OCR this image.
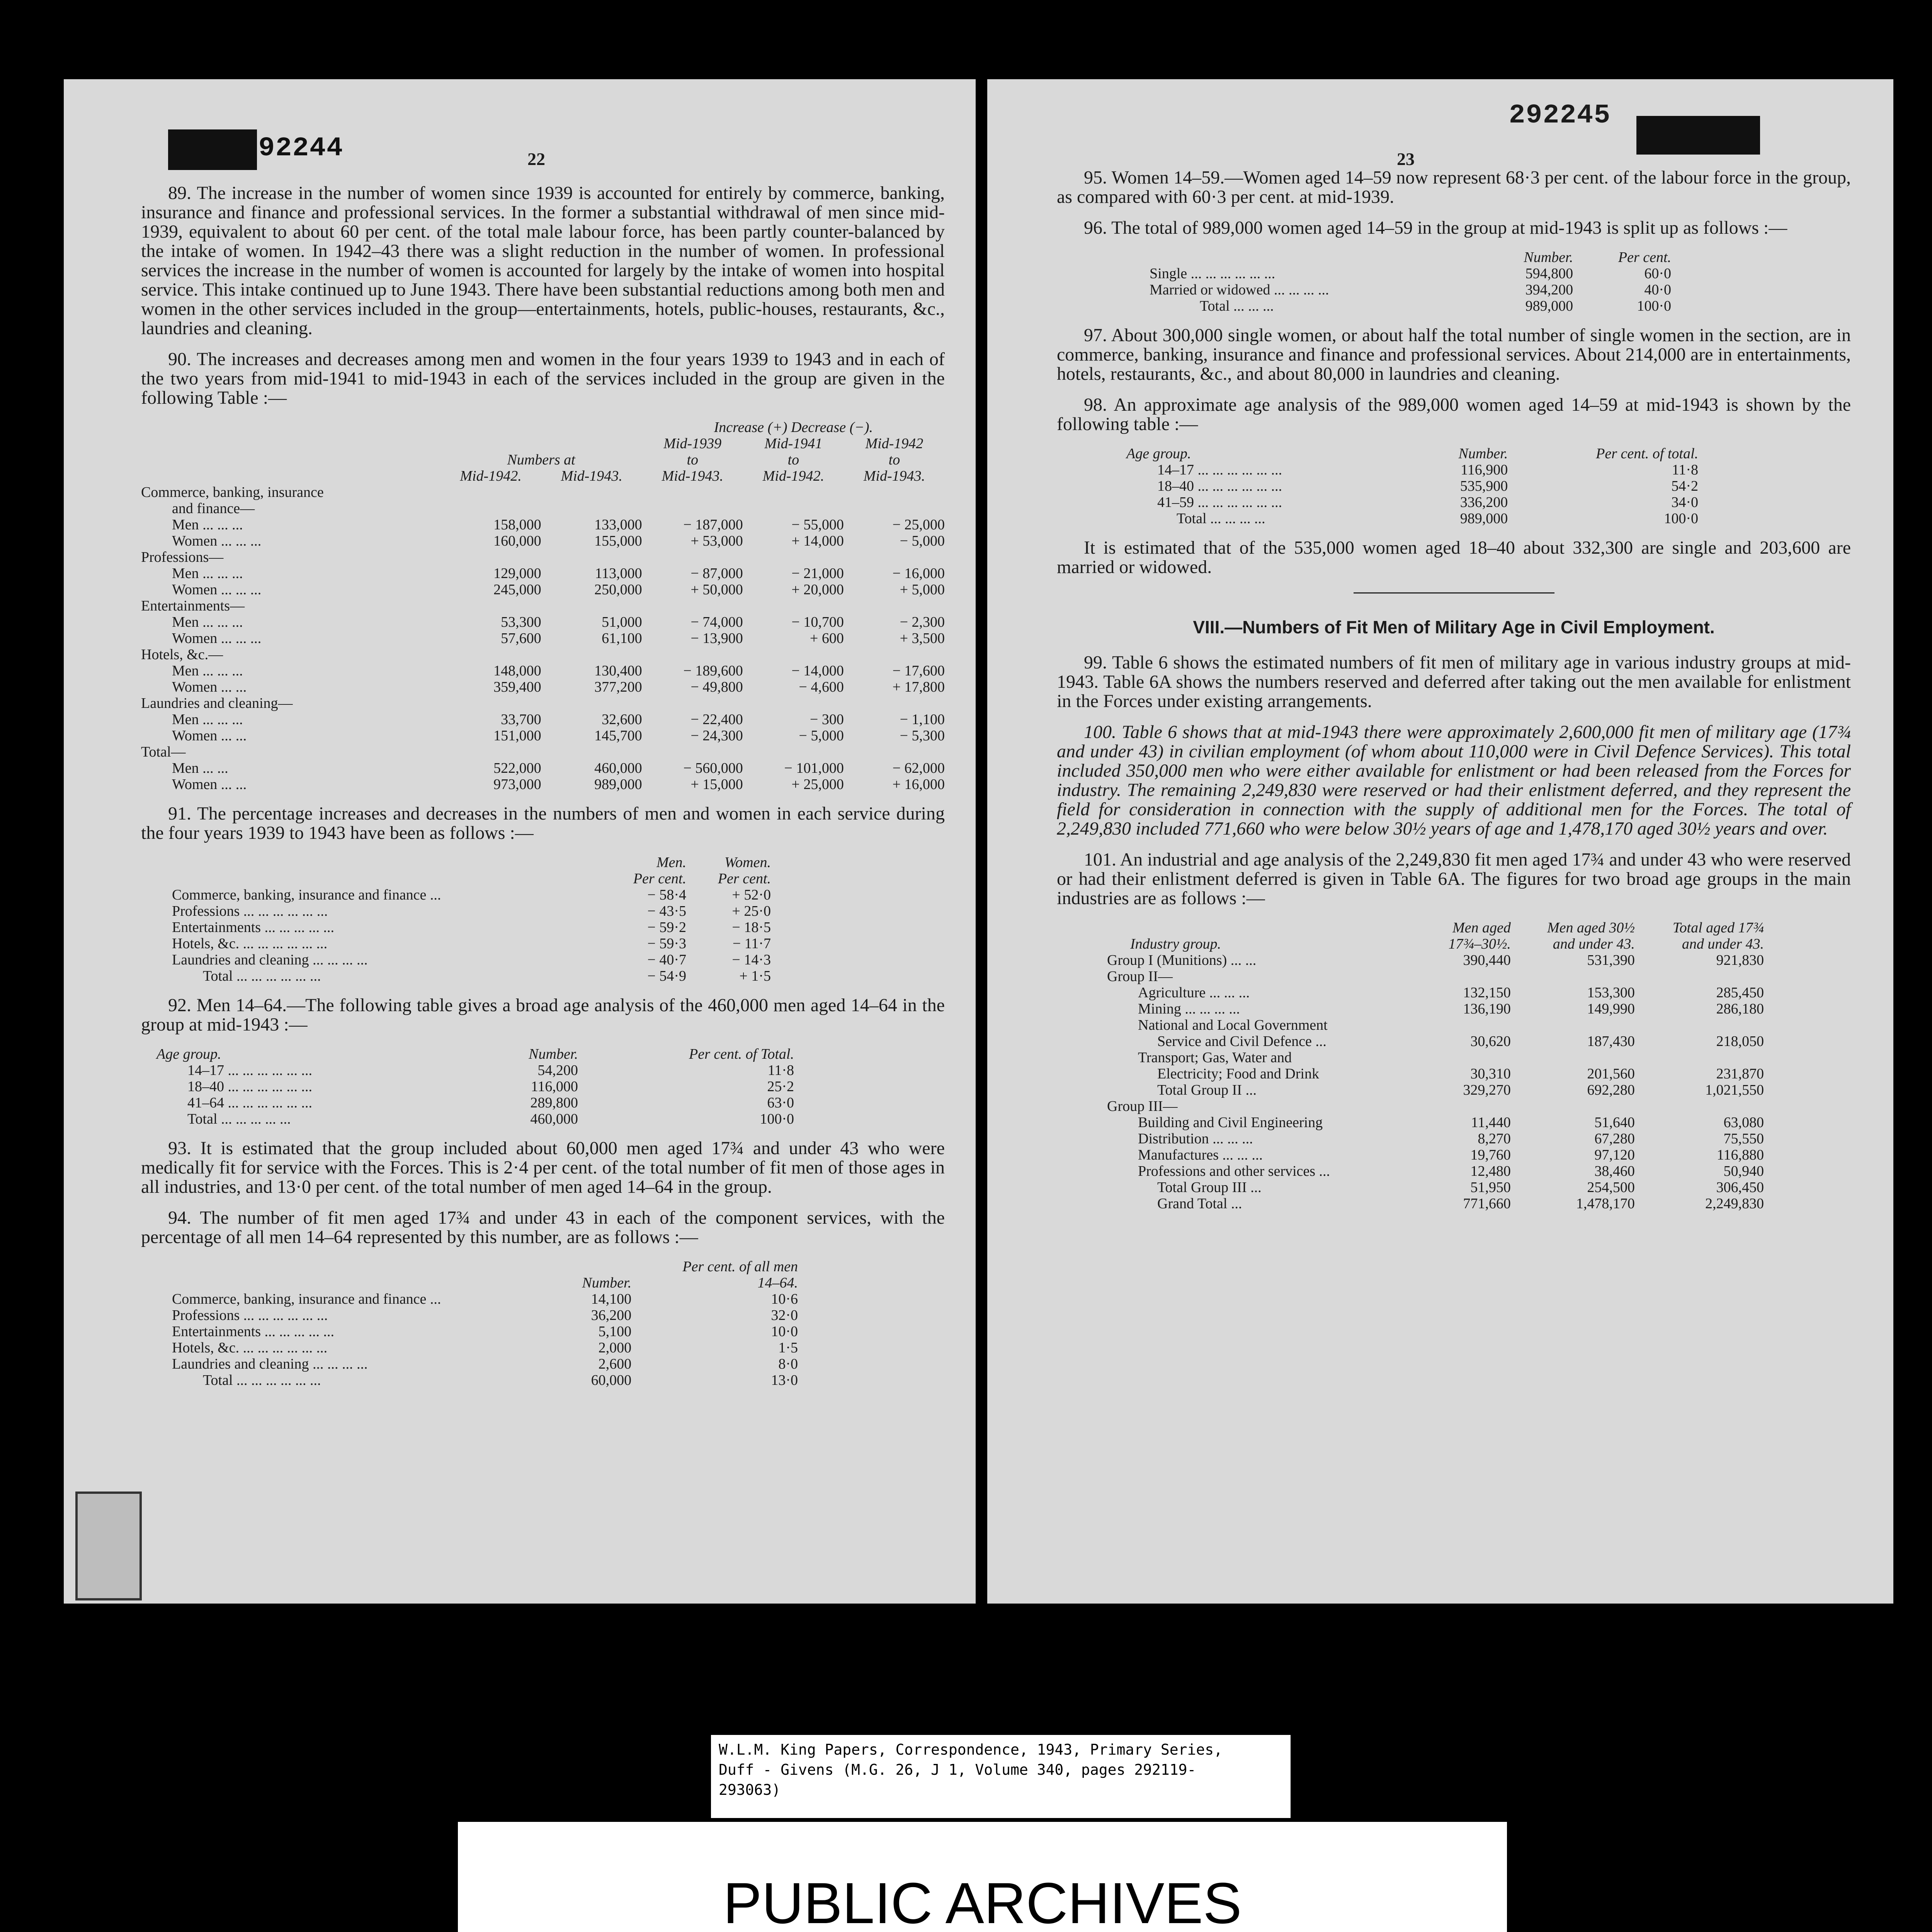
292244	22

89. The increase in the number of women since 1939 is accounted for entirely by commerce, banking, insurance and finance and professional services. In the former a substantial withdrawal of men since mid-1939, equivalent to about 60 per cent. of the total male labour force, has been partly counter-balanced by the intake of women. In 1942–43 there was a slight reduction in the number of women. In professional services the increase in the number of women is accounted for largely by the intake of women into hospital service. This intake continued up to June 1943. There have been substantial reductions among both men and women in the other services included in the group—entertainments, hotels, public-houses, restaurants, &c., laundries and cleaning.

90. The increases and decreases among men and women in the four years 1939 to 1943 and in each of the two years from mid-1941 to mid-1943 in each of the services included in the group are given in the following Table :—

			Increase (+) Decrease (−).		
			Mid-1939	Mid-1941	Mid-1942
	Numbers at		to	to	to
	Mid-1942.	Mid-1943.	Mid-1943.	Mid-1942.	Mid-1943.
Commerce, banking, insurance					
and finance—					
Men ... ... ...	158,000	133,000	− 187,000	− 55,000	− 25,000
Women ... ... ...	160,000	155,000	+ 53,000	+ 14,000	− 5,000
Professions—					
Men ... ... ...	129,000	113,000	− 87,000	− 21,000	− 16,000
Women ... ... ...	245,000	250,000	+ 50,000	+ 20,000	+ 5,000
Entertainments—					
Men ... ... ...	53,300	51,000	− 74,000	− 10,700	− 2,300
Women ... ... ...	57,600	61,100	− 13,900	+ 600	+ 3,500
Hotels, &c.—					
Men ... ... ...	148,000	130,400	− 189,600	− 14,000	− 17,600
Women ... ...	359,400	377,200	− 49,800	− 4,600	+ 17,800
Laundries and cleaning—					
Men ... ... ...	33,700	32,600	− 22,400	− 300	− 1,100
Women ... ...	151,000	145,700	− 24,300	− 5,000	− 5,300
Total—					
Men ... ...	522,000	460,000	− 560,000	− 101,000	− 62,000
Women ... ...	973,000	989,000	+ 15,000	+ 25,000	+ 16,000

91. The percentage increases and decreases in the numbers of men and women in each service during the four years 1939 to 1943 have been as follows :—

	Men.	Women.
	Per cent.	Per cent.
Commerce, banking, insurance and finance ...	− 58·4	+ 52·0
Professions ... ... ... ... ... ...	− 43·5	+ 25·0
Entertainments ... ... ... ... ...	− 59·2	− 18·5
Hotels, &c. ... ... ... ... ... ...	− 59·3	− 11·7
Laundries and cleaning ... ... ... ...	− 40·7	− 14·3
Total ... ... ... ... ... ...	− 54·9	+ 1·5

92. Men 14–64.—The following table gives a broad age analysis of the 460,000 men aged 14–64 in the group at mid-1943 :—

Age group.	Number.	Per cent. of Total.
14–17 ... ... ... ... ... ...	54,200	11·8
18–40 ... ... ... ... ... ...	116,000	25·2
41–64 ... ... ... ... ... ...	289,800	63·0
Total ... ... ... ... ...	460,000	100·0

93. It is estimated that the group included about 60,000 men aged 17¾ and under 43 who were medically fit for service with the Forces. This is 2·4 per cent. of the total number of fit men of those ages in all industries, and 13·0 per cent. of the total number of men aged 14–64 in the group.

94. The number of fit men aged 17¾ and under 43 in each of the component services, with the percentage of all men 14–64 represented by this number, are as follows :—

		Per cent. of all men
	Number.	14–64.
Commerce, banking, insurance and finance ...	14,100	10·6
Professions ... ... ... ... ... ...	36,200	32·0
Entertainments ... ... ... ... ...	5,100	10·0
Hotels, &c. ... ... ... ... ... ...	2,000	1·5
Laundries and cleaning ... ... ... ...	2,600	8·0
Total ... ... ... ... ... ...	60,000	13·0
23
292245

95. Women 14–59.—Women aged 14–59 now represent 68·3 per cent. of the labour force in the group, as compared with 60·3 per cent. at mid-1939.

96. The total of 989,000 women aged 14–59 in the group at mid-1943 is split up as follows :—

	Number.	Per cent.
Single ... ... ... ... ... ...	594,800	60·0
Married or widowed ... ... ... ...	394,200	40·0
Total ... ... ...	989,000	100·0

97. About 300,000 single women, or about half the total number of single women in the section, are in commerce, banking, insurance and finance and professional services. About 214,000 are in entertainments, hotels, restaurants, &c., and about 80,000 in laundries and cleaning.

98. An approximate age analysis of the 989,000 women aged 14–59 at mid-1943 is shown by the following table :—

Age group.	Number.	Per cent. of total.
14–17 ... ... ... ... ... ...	116,900	11·8
18–40 ... ... ... ... ... ...	535,900	54·2
41–59 ... ... ... ... ... ...	336,200	34·0
Total ... ... ... ...	989,000	100·0

It is estimated that of the 535,000 women aged 18–40 about 332,300 are single and 203,600 are married or widowed.

VIII.—Numbers of Fit Men of Military Age in Civil Employment.

99. Table 6 shows the estimated numbers of fit men of military age in various industry groups at mid-1943. Table 6A shows the numbers reserved and deferred after taking out the men available for enlistment in the Forces under existing arrangements.

100. Table 6 shows that at mid-1943 there were approximately 2,600,000 fit men of military age (17¾ and under 43) in civilian employment (of whom about 110,000 were in Civil Defence Services). This total included 350,000 men who were either available for enlistment or had been released from the Forces for industry. The remaining 2,249,830 were reserved or had their enlistment deferred, and they represent the field for consideration in connection with the supply of additional men for the Forces. The total of 2,249,830 included 771,660 who were below 30½ years of age and 1,478,170 aged 30½ years and over.

101. An industrial and age analysis of the 2,249,830 fit men aged 17¾ and under 43 who were reserved or had their enlistment deferred is given in Table 6A. The figures for two broad age groups in the main industries are as follows :—

	Men aged	Men aged 30½	Total aged 17¾
Industry group.	17¾–30½.	and under 43.	and under 43.
Group I (Munitions) ... ...	390,440	531,390	921,830

Group II—			
Agriculture ... ... ...	132,150	153,300	285,450
Mining ... ... ... ...	136,190	149,990	286,180
National and Local Government			
Service and Civil Defence ...	30,620	187,430	218,050
Transport; Gas, Water and			
Electricity; Food and Drink	30,310	201,560	231,870
Total Group II ...	329,270	692,280	1,021,550

Group III—			
Building and Civil Engineering	11,440	51,640	63,080
Distribution ... ... ...	8,270	67,280	75,550
Manufactures ... ... ...	19,760	97,120	116,880
Professions and other services ...	12,480	38,460	50,940
Total Group III ...	51,950	254,500	306,450
Grand Total ...	771,660	1,478,170	2,249,830
W.L.M. King Papers, Correspondence, 1943, Primary Series,
Duff - Givens (M.G. 26, J 1, Volume 340, pages 292119-
293063)
PUBLIC ARCHIVES
